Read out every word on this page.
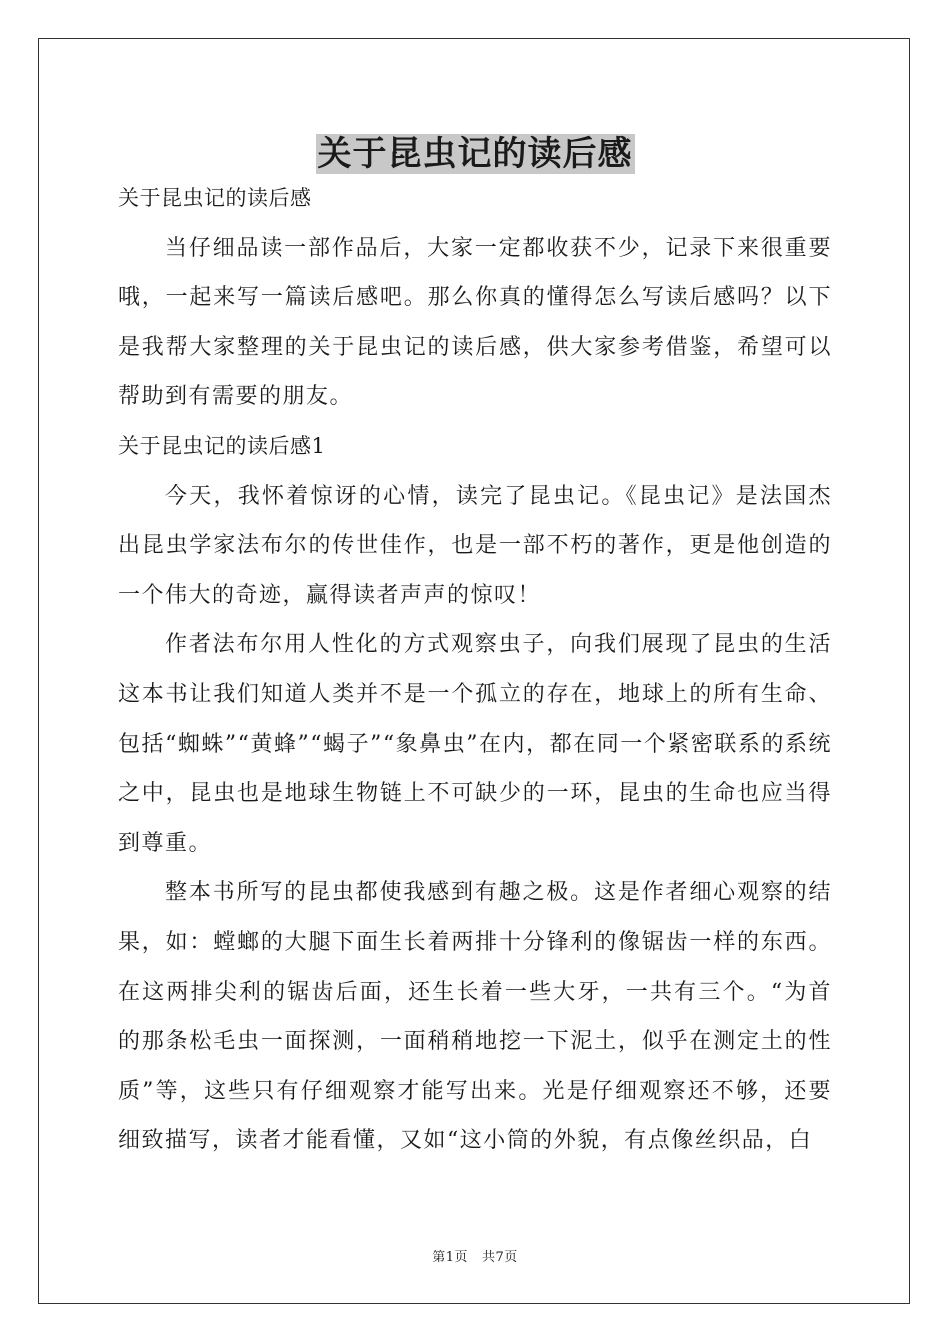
关于昆虫记的读后感

关于昆虫记的读后感

当仔细品读一部作品后，大家一定都收获不少，记录下来很重要哦，一起来写一篇读后感吧。那么你真的懂得怎么写读后感吗？以下是我帮大家整理的关于昆虫记的读后感，供大家参考借鉴，希望可以帮助到有需要的朋友。

关于昆虫记的读后感1

今天，我怀着惊讶的心情，读完了昆虫记。《昆虫记》是法国杰出昆虫学家法布尔的传世佳作，也是一部不朽的著作，更是他创造的一个伟大的奇迹，赢得读者声声的惊叹！

作者法布尔用人性化的方式观察虫子，向我们展现了昆虫的生活这本书让我们知道人类并不是一个孤立的存在，地球上的所有生命、包括“蜘蛛”“黄蜂”“蝎子”“象鼻虫”在内，都在同一个紧密联系的系统之中，昆虫也是地球生物链上不可缺少的一环，昆虫的生命也应当得到尊重。

整本书所写的昆虫都使我感到有趣之极。这是作者细心观察的结果，如：螳螂的大腿下面生长着两排十分锋利的像锯齿一样的东西。在这两排尖利的锯齿后面，还生长着一些大牙，一共有三个。“为首的那条松毛虫一面探测，一面稍稍地挖一下泥土，似乎在测定土的性质”等，这些只有仔细观察才能写出来。光是仔细观察还不够，还要细致描写，读者才能看懂，又如“这小筒的外貌，有点像丝织品，白

第1页 共7页
